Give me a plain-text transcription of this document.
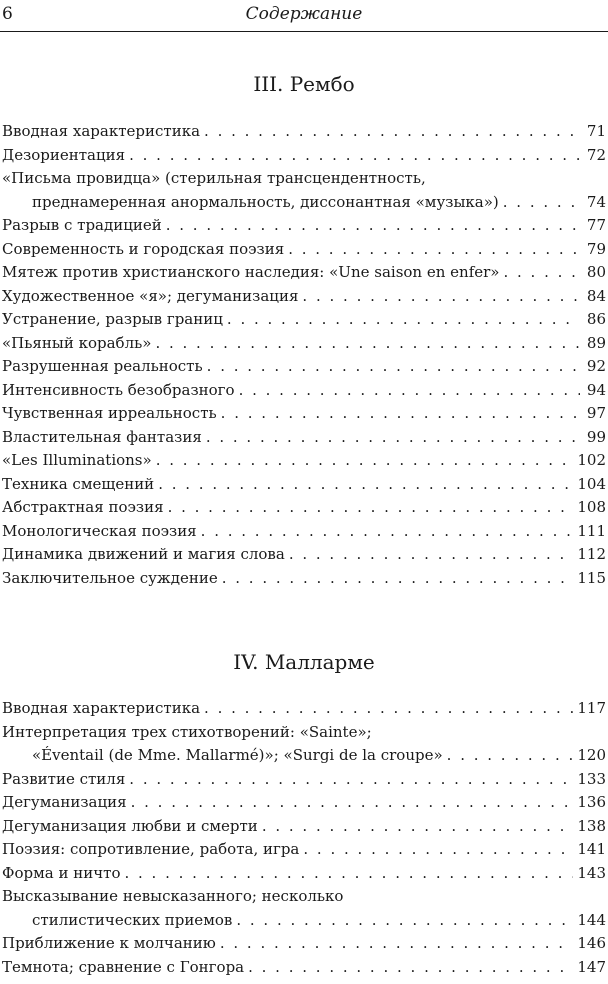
6	Содержание
III. Рембо
Вводная характеристика . . .	71
Дезориентация . . .	72
«Письма провидца» (стерильная трансцендентность,
преднамеренная анормальность, диссонантная «музыка») . . .	74
Разрыв с традицией . . .	77
Современность и городская поэзия . . .	79
Мятеж против христианского наследия: «Une saison en enfer» . . .	80
Художественное «я»; дегуманизация . . .	84
Устранение, разрыв границ . . .	86
«Пьяный корабль» . . .	89
Разрушенная реальность . . .	92
Интенсивность безобразного . . .	94
Чувственная ирреальность . . .	97
Властительная фантазия . . .	99
«Les Illuminations» . . .	102
Техника смещений . . .	104
Абстрактная поэзия . . .	108
Монологическая поэзия . . .	111
Динамика движений и магия слова . . .	112
Заключительное суждение . . .	115
IV. Малларме
Вводная характеристика . . .	117
Интерпретация трех стихотворений: «Sainte»;
«Éventail (de Mme. Mallarmé)»; «Surgi de la croupe» . . .	120
Развитие стиля . . .	133
Дегуманизация . . .	136
Дегуманизация любви и смерти . . .	138
Поэзия: сопротивление, работа, игра . . .	141
Форма и ничто . . .	143
Высказывание невысказанного; несколько
стилистических приемов . . .	144
Приближение к молчанию . . .	146
Темнота; сравнение с Гонгора . . .	147
